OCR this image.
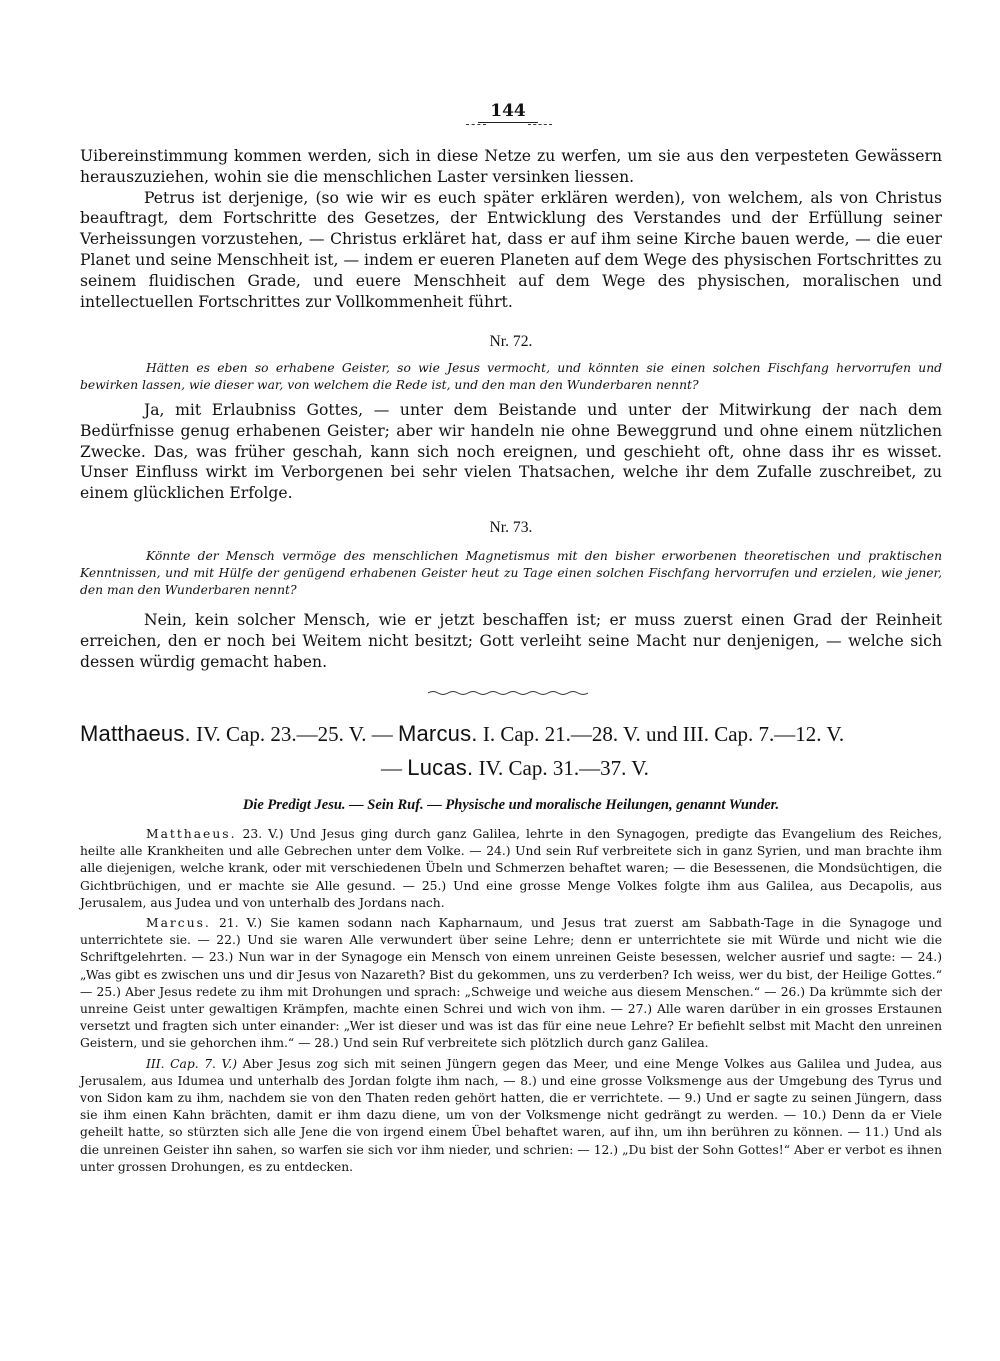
144

Uibereinstimmung kommen werden, sich in diese Netze zu werfen, um sie aus den verpesteten Gewässern herauszuziehen, wohin sie die menschlichen Laster versinken liessen.

Petrus ist derjenige, (so wie wir es euch später erklären werden), von welchem, als von Christus beauftragt, dem Fortschritte des Gesetzes, der Entwicklung des Verstandes und der Erfüllung seiner Verheissungen vorzustehen, — Christus erkläret hat, dass er auf ihm seine Kirche bauen werde, — die euer Planet und seine Menschheit ist, — indem er eueren Planeten auf dem Wege des physischen Fortschrittes zu seinem fluidischen Grade, und euere Menschheit auf dem Wege des physischen, moralischen und intellectuellen Fortschrittes zur Vollkommenheit führt.

Nr. 72.

Hätten es eben so erhabene Geister, so wie Jesus vermocht, und könnten sie einen solchen Fischfang hervorrufen und bewirken lassen, wie dieser war, von welchem die Rede ist, und den man den Wunderbaren nennt?

Ja, mit Erlaubniss Gottes, — unter dem Beistande und unter der Mitwirkung der nach dem Bedürfnisse genug erhabenen Geister; aber wir handeln nie ohne Beweggrund und ohne einem nützlichen Zwecke. Das, was früher geschah, kann sich noch ereignen, und geschieht oft, ohne dass ihr es wisset. Unser Einfluss wirkt im Verborgenen bei sehr vielen Thatsachen, welche ihr dem Zufalle zuschreibet, zu einem glücklichen Erfolge.

Nr. 73.

Könnte der Mensch vermöge des menschlichen Magnetismus mit den bisher erworbenen theoretischen und praktischen Kenntnissen, und mit Hülfe der genügend erhabenen Geister heut zu Tage einen solchen Fischfang hervorrufen und erzielen, wie jener, den man den Wunderbaren nennt?

Nein, kein solcher Mensch, wie er jetzt beschaffen ist; er muss zuerst einen Grad der Reinheit erreichen, den er noch bei Weitem nicht besitzt; Gott verleiht seine Macht nur denjenigen, — welche sich dessen würdig gemacht haben.

Matthaeus. IV. Cap. 23.—25. V. — Marcus. I. Cap. 21.—28. V. und III. Cap. 7.—12. V.
— Lucas. IV. Cap. 31.—37. V.
Die Predigt Jesu. — Sein Ruf. — Physische und moralische Heilungen, genannt Wunder.

Matthaeus. 23. V.) Und Jesus ging durch ganz Galilea, lehrte in den Synagogen, predigte das Evangelium des Reiches, heilte alle Krankheiten und alle Gebrechen unter dem Volke. — 24.) Und sein Ruf verbreitete sich in ganz Syrien, und man brachte ihm alle diejenigen, welche krank, oder mit verschiedenen Übeln und Schmerzen behaftet waren; — die Besessenen, die Mondsüchtigen, die Gichtbrüchigen, und er machte sie Alle gesund. — 25.) Und eine grosse Menge Volkes folgte ihm aus Galilea, aus Decapolis, aus Jerusalem, aus Judea und von unterhalb des Jordans nach.

Marcus. 21. V.) Sie kamen sodann nach Kapharnaum, und Jesus trat zuerst am Sabbath-Tage in die Synagoge und unterrichtete sie. — 22.) Und sie waren Alle verwundert über seine Lehre; denn er unterrichtete sie mit Würde und nicht wie die Schriftgelehrten. — 23.) Nun war in der Synagoge ein Mensch von einem unreinen Geiste besessen, welcher ausrief und sagte: — 24.) „Was gibt es zwischen uns und dir Jesus von Nazareth? Bist du gekommen, uns zu verderben? Ich weiss, wer du bist, der Heilige Gottes.“ — 25.) Aber Jesus redete zu ihm mit Drohungen und sprach: „Schweige und weiche aus diesem Menschen.“ — 26.) Da krümmte sich der unreine Geist unter gewaltigen Krämpfen, machte einen Schrei und wich von ihm. — 27.) Alle waren darüber in ein grosses Erstaunen versetzt und fragten sich unter einander: „Wer ist dieser und was ist das für eine neue Lehre? Er befiehlt selbst mit Macht den unreinen Geistern, und sie gehorchen ihm.“ — 28.) Und sein Ruf verbreitete sich plötzlich durch ganz Galilea.

III. Cap. 7. V.) Aber Jesus zog sich mit seinen Jüngern gegen das Meer, und eine Menge Volkes aus Galilea und Judea, aus Jerusalem, aus Idumea und unterhalb des Jordan folgte ihm nach, — 8.) und eine grosse Volksmenge aus der Umgebung des Tyrus und von Sidon kam zu ihm, nachdem sie von den Thaten reden gehört hatten, die er verrichtete. — 9.) Und er sagte zu seinen Jüngern, dass sie ihm einen Kahn brächten, damit er ihm dazu diene, um von der Volksmenge nicht gedrängt zu werden. — 10.) Denn da er Viele geheilt hatte, so stürzten sich alle Jene die von irgend einem Übel behaftet waren, auf ihn, um ihn berühren zu können. — 11.) Und als die unreinen Geister ihn sahen, so warfen sie sich vor ihm nieder, und schrien: — 12.) „Du bist der Sohn Gottes!“ Aber er verbot es ihnen unter grossen Drohungen, es zu entdecken.
